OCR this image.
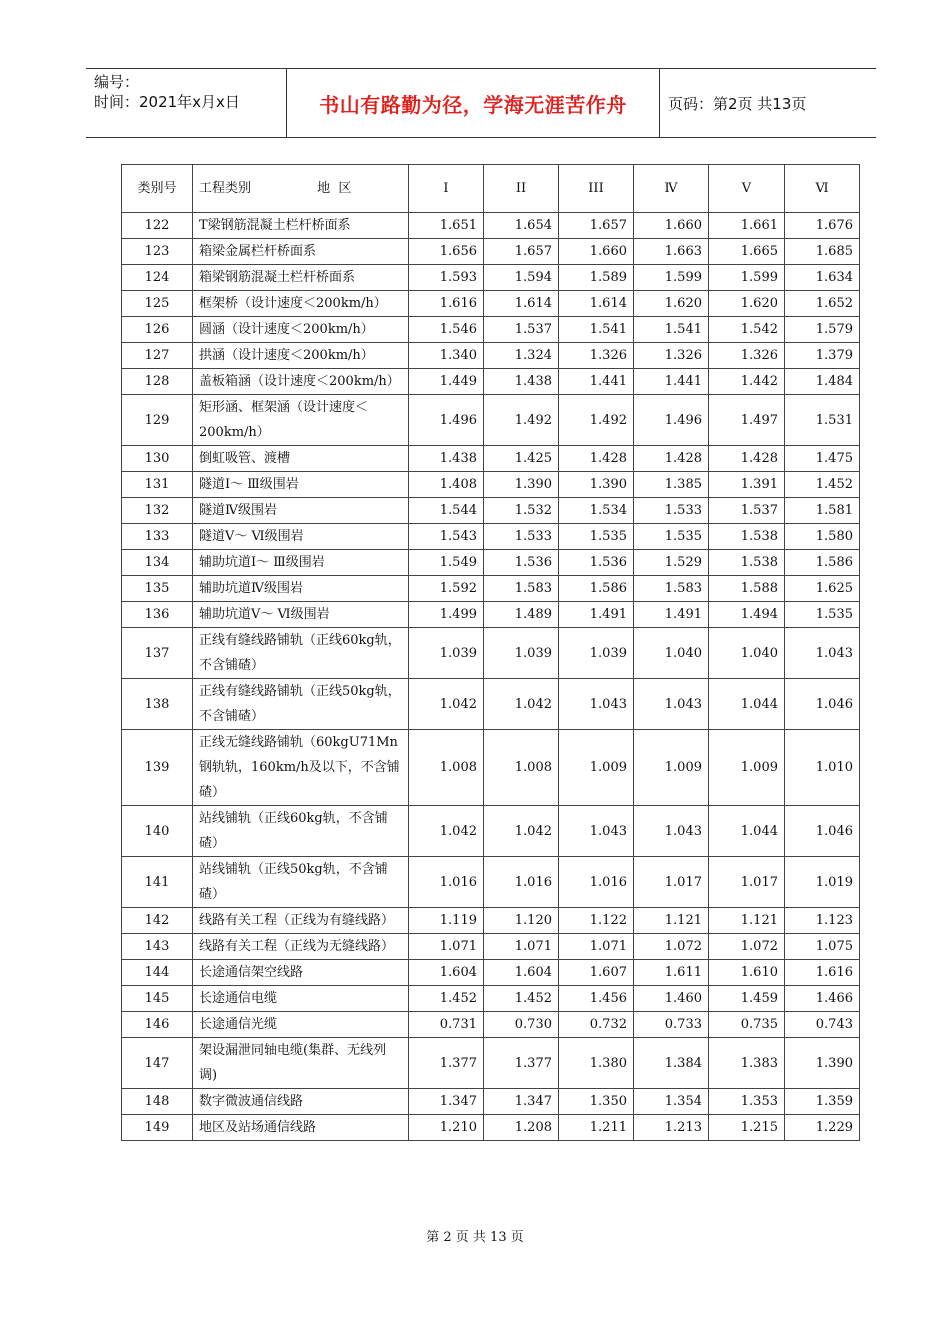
编号：
时间：2021年x月x日	书山有路勤为径，学海无涯苦作舟	页码：第2页 共13页
类别号	工程类别                地  区	I	II	III	Ⅳ	V	Ⅵ
122	T梁钢筋混凝土栏杆桥面系	1.651	1.654	1.657	1.660	1.661	1.676
123	箱梁金属栏杆桥面系	1.656	1.657	1.660	1.663	1.665	1.685
124	箱梁钢筋混凝土栏杆桥面系	1.593	1.594	1.589	1.599	1.599	1.634
125	框架桥（设计速度＜200km/h）	1.616	1.614	1.614	1.620	1.620	1.652
126	圆涵（设计速度＜200km/h）	1.546	1.537	1.541	1.541	1.542	1.579
127	拱涵（设计速度＜200km/h）	1.340	1.324	1.326	1.326	1.326	1.379
128	盖板箱涵（设计速度＜200km/h）	1.449	1.438	1.441	1.441	1.442	1.484
129	矩形涵、框架涵（设计速度＜200km/h）	1.496	1.492	1.492	1.496	1.497	1.531
130	倒虹吸管、渡槽	1.438	1.425	1.428	1.428	1.428	1.475
131	隧道Ⅰ～ Ⅲ级围岩	1.408	1.390	1.390	1.385	1.391	1.452
132	隧道Ⅳ级围岩	1.544	1.532	1.534	1.533	1.537	1.581
133	隧道Ⅴ～ Ⅵ级围岩	1.543	1.533	1.535	1.535	1.538	1.580
134	辅助坑道Ⅰ～ Ⅲ级围岩	1.549	1.536	1.536	1.529	1.538	1.586
135	辅助坑道Ⅳ级围岩	1.592	1.583	1.586	1.583	1.588	1.625
136	辅助坑道Ⅴ～ Ⅵ级围岩	1.499	1.489	1.491	1.491	1.494	1.535
137	正线有缝线路铺轨（正线60kg轨，不含铺碴）	1.039	1.039	1.039	1.040	1.040	1.043
138	正线有缝线路铺轨（正线50kg轨，不含铺碴）	1.042	1.042	1.043	1.043	1.044	1.046
139	正线无缝线路铺轨（60kgU71Mn钢轨轨，160km/h及以下，不含铺碴）	1.008	1.008	1.009	1.009	1.009	1.010
140	站线铺轨（正线60kg轨，不含铺碴）	1.042	1.042	1.043	1.043	1.044	1.046
141	站线铺轨（正线50kg轨，不含铺碴）	1.016	1.016	1.016	1.017	1.017	1.019
142	线路有关工程（正线为有缝线路）	1.119	1.120	1.122	1.121	1.121	1.123
143	线路有关工程（正线为无缝线路）	1.071	1.071	1.071	1.072	1.072	1.075
144	长途通信架空线路	1.604	1.604	1.607	1.611	1.610	1.616
145	长途通信电缆	1.452	1.452	1.456	1.460	1.459	1.466
146	长途通信光缆	0.731	0.730	0.732	0.733	0.735	0.743
147	架设漏泄同轴电缆(集群、无线列调)	1.377	1.377	1.380	1.384	1.383	1.390
148	数字微波通信线路	1.347	1.347	1.350	1.354	1.353	1.359
149	地区及站场通信线路	1.210	1.208	1.211	1.213	1.215	1.229
第 2 页 共 13 页
